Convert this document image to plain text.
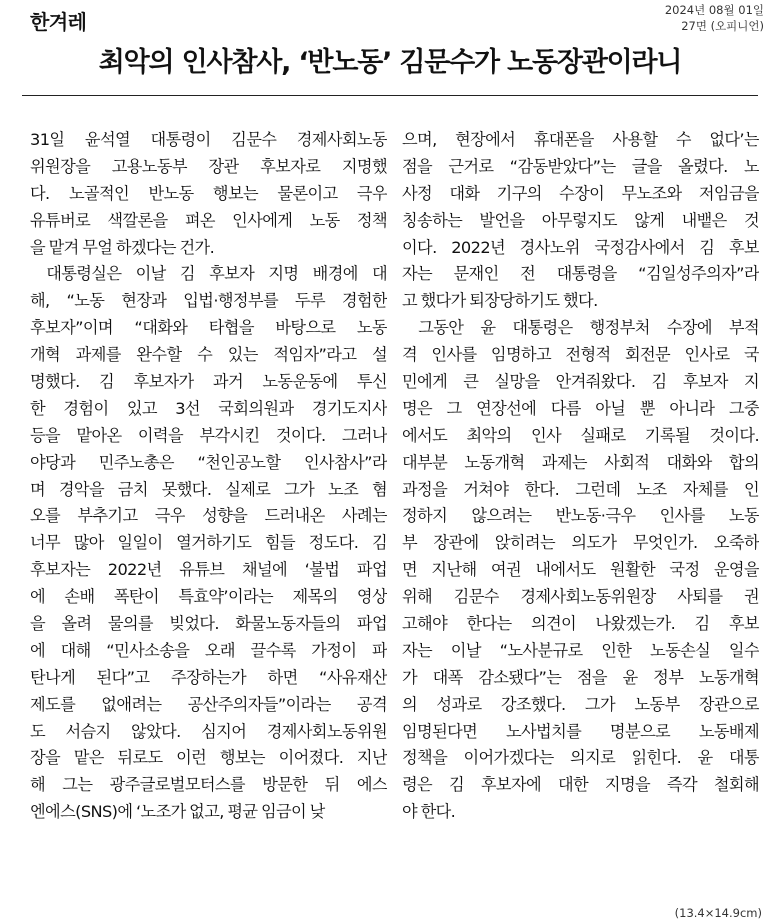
한겨레	2024년 08월 01일
27면 (오피니언)
최악의 인사참사, ‘반노동’ 김문수가 노동장관이라니
31일 윤석열 대통령이 김문수 경제사회노동
위원장을 고용노동부 장관 후보자로 지명했
다. 노골적인 반노동 행보는 물론이고 극우
유튜버로 색깔론을 펴온 인사에게 노동 정책
을 맡겨 무얼 하겠다는 건가.
대통령실은 이날 김 후보자 지명 배경에 대
해, “노동 현장과 입법·행정부를 두루 경험한
후보자”이며 “대화와 타협을 바탕으로 노동
개혁 과제를 완수할 수 있는 적임자”라고 설
명했다. 김 후보자가 과거 노동운동에 투신
한 경험이 있고 3선 국회의원과 경기도지사
등을 맡아온 이력을 부각시킨 것이다. 그러나
야당과 민주노총은 “천인공노할 인사참사”라
며 경악을 금치 못했다. 실제로 그가 노조 혐
오를 부추기고 극우 성향을 드러내온 사례는
너무 많아 일일이 열거하기도 힘들 정도다. 김
후보자는 2022년 유튜브 채널에 ‘불법 파업
에 손배 폭탄이 특효약’이라는 제목의 영상
을 올려 물의를 빚었다. 화물노동자들의 파업
에 대해 “민사소송을 오래 끌수록 가정이 파
탄나게 된다”고 주장하는가 하면 “사유재산
제도를 없애려는 공산주의자들”이라는 공격
도 서슴지 않았다. 심지어 경제사회노동위원
장을 맡은 뒤로도 이런 행보는 이어졌다. 지난
해 그는 광주글로벌모터스를 방문한 뒤 에스
엔에스(SNS)에 ‘노조가 없고, 평균 임금이 낮
으며, 현장에서 휴대폰을 사용할 수 없다’는
점을 근거로 “감동받았다”는 글을 올렸다. 노
사정 대화 기구의 수장이 무노조와 저임금을
칭송하는 발언을 아무렇지도 않게 내뱉은 것
이다. 2022년 경사노위 국정감사에서 김 후보
자는 문재인 전 대통령을 “김일성주의자”라
고 했다가 퇴장당하기도 했다.
그동안 윤 대통령은 행정부처 수장에 부적
격 인사를 임명하고 전형적 회전문 인사로 국
민에게 큰 실망을 안겨줘왔다. 김 후보자 지
명은 그 연장선에 다름 아닐 뿐 아니라 그중
에서도 최악의 인사 실패로 기록될 것이다.
대부분 노동개혁 과제는 사회적 대화와 합의
과정을 거쳐야 한다. 그런데 노조 자체를 인
정하지 않으려는 반노동·극우 인사를 노동
부 장관에 앉히려는 의도가 무엇인가. 오죽하
면 지난해 여권 내에서도 원활한 국정 운영을
위해 김문수 경제사회노동위원장 사퇴를 권
고해야 한다는 의견이 나왔겠는가. 김 후보
자는 이날 “노사분규로 인한 노동손실 일수
가 대폭 감소됐다”는 점을 윤 정부 노동개혁
의 성과로 강조했다. 그가 노동부 장관으로
임명된다면 노사법치를 명분으로 노동배제
정책을 이어가겠다는 의지로 읽힌다. 윤 대통
령은 김 후보자에 대한 지명을 즉각 철회해
야 한다.
(13.4×14.9cm)
